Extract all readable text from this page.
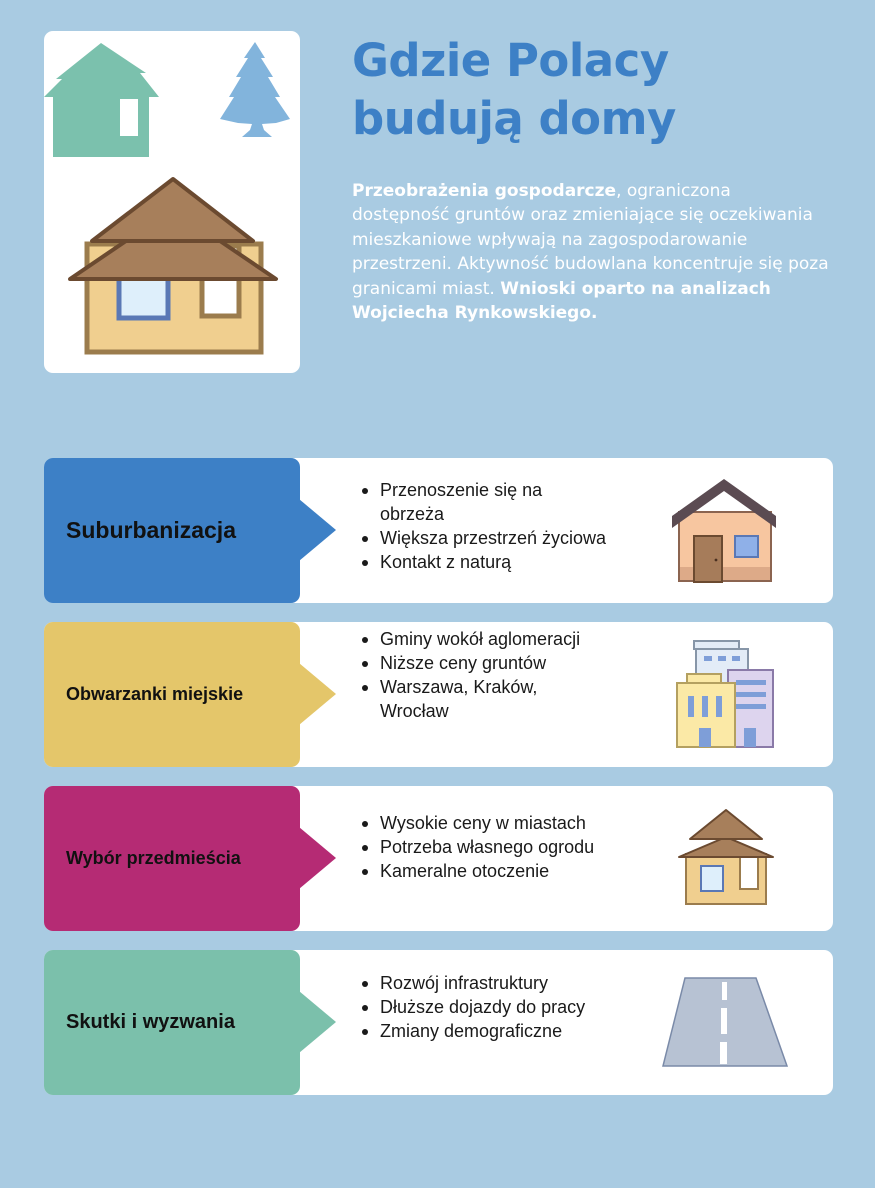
Gdzie Polacy
budują domy

Przeobrażenia gospodarcze, ograniczona dostępność gruntów oraz zmieniające się oczekiwania mieszkaniowe wpływają na zagospodarowanie przestrzeni. Aktywność budowlana koncentruje się poza granicami miast. Wnioski oparto na analizach Wojciecha Rynkowskiego.

Suburbanizacja
Przenoszenie się na obrzeża
Większa przestrzeń życiowa
Kontakt z naturą
Obwarzanki miejskie
Gminy wokół aglomeracji
Niższe ceny gruntów
Warszawa, Kraków, Wrocław
Wybór przedmieścia
Wysokie ceny w miastach
Potrzeba własnego ogrodu
Kameralne otoczenie
Skutki i wyzwania
Rozwój infrastruktury
Dłuższe dojazdy do pracy
Zmiany demograficzne
